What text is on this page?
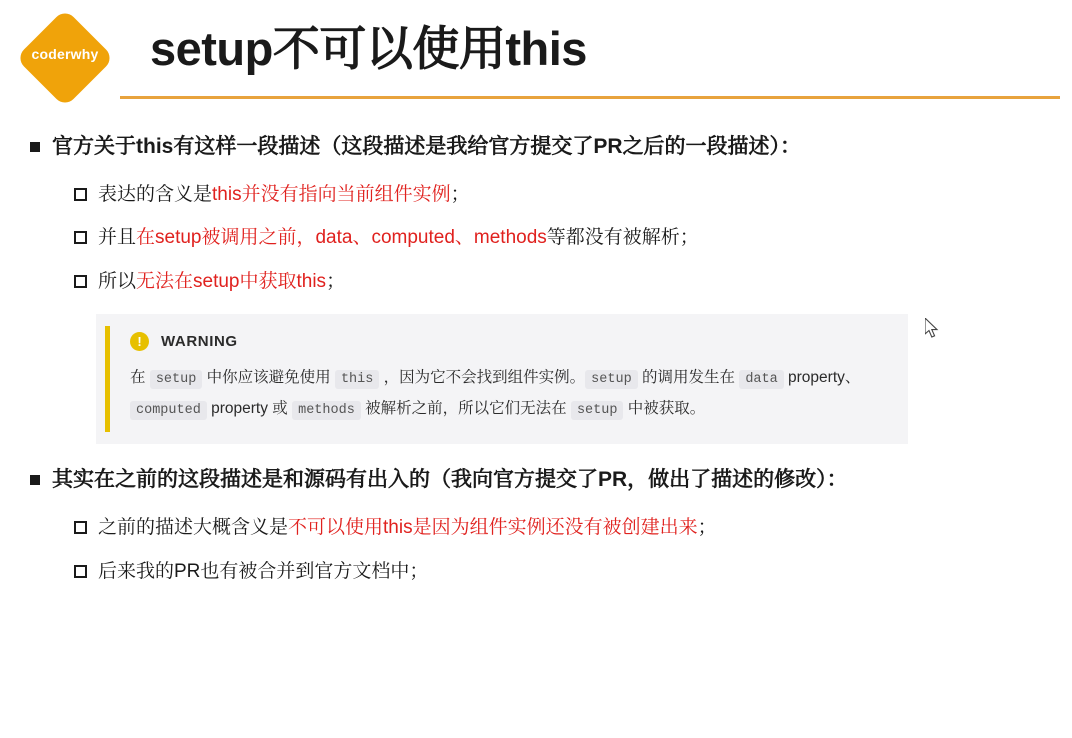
coderwhy	setup不可以使用this
官方关于this有这样一段描述（这段描述是我给官方提交了PR之后的一段描述）：
表达的含义是this并没有指向当前组件实例；
并且在setup被调用之前，data、computed、methods等都没有被解析；
所以无法在setup中获取this；
!	WARNING
在 setup 中你应该避免使用 this ，因为它不会找到组件实例。 setup 的调用发生在 data property、computed property 或 methods 被解析之前，所以它们无法在 setup 中被获取。
其实在之前的这段描述是和源码有出入的（我向官方提交了PR，做出了描述的修改）：
之前的描述大概含义是不可以使用this是因为组件实例还没有被创建出来；
后来我的PR也有被合并到官方文档中；
